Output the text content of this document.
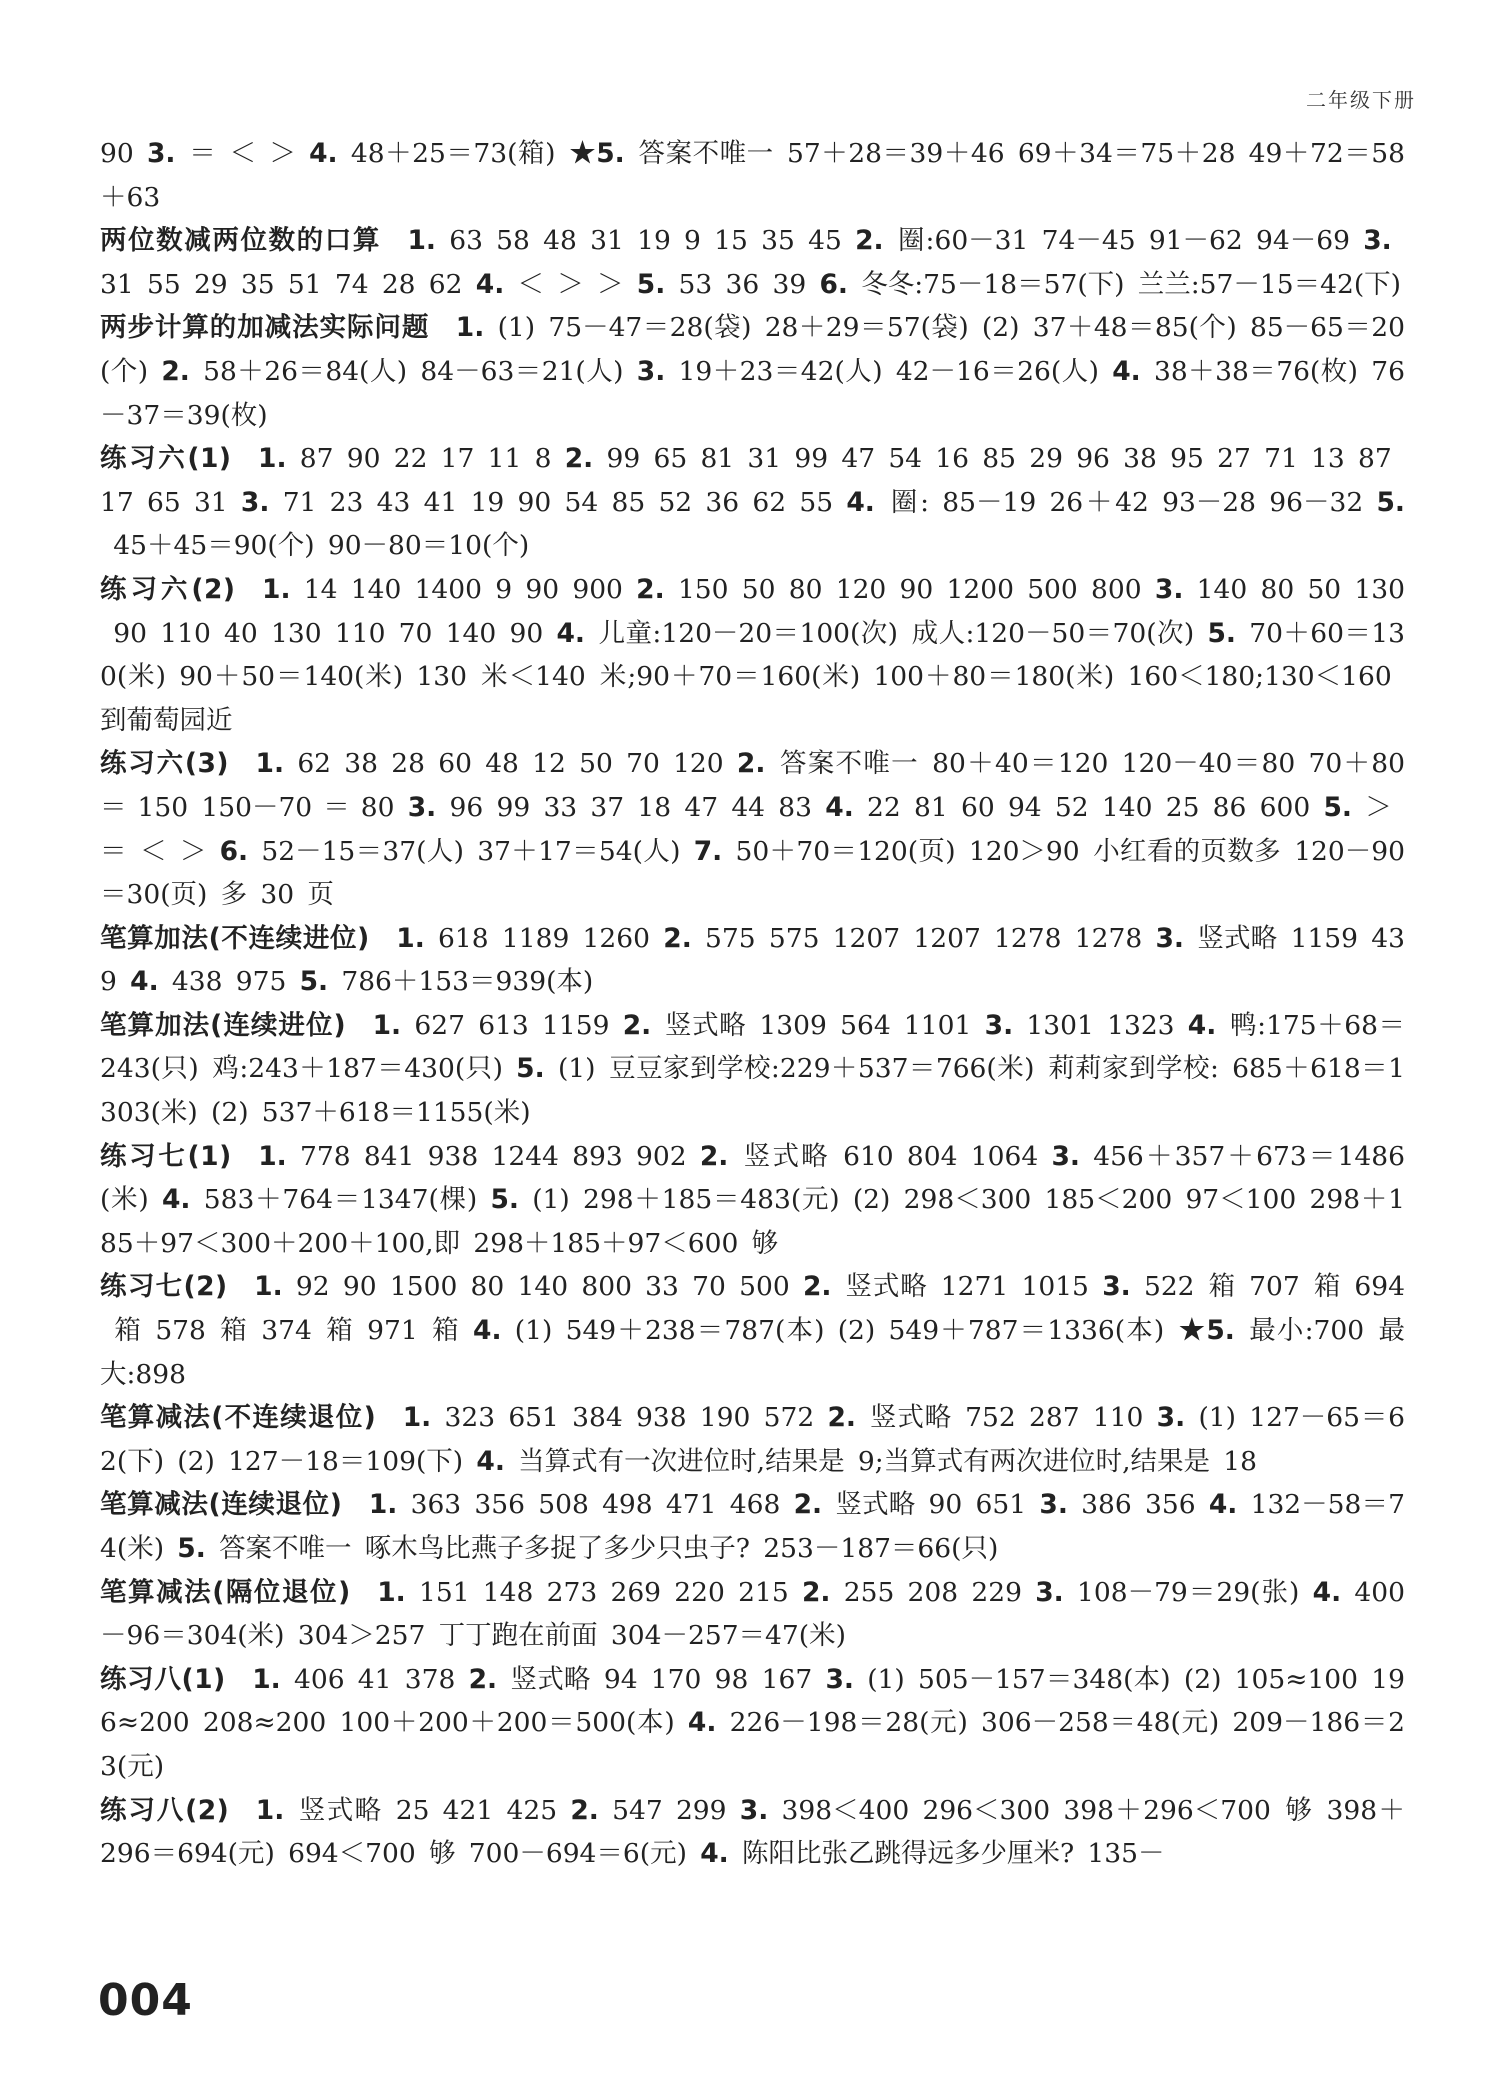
二年级下册

90 3. ＝ ＜ ＞ 4. 48＋25＝73(箱) ★5. 答案不唯一 57＋28＝39＋46 69＋34＝75＋28 49＋72＝58＋63

两位数减两位数的口算  1. 63 58 48 31 19 9 15 35 45 2. 圈:60－31 74－45 91－62 94－69 3. 31 55 29 35 51 74 28 62 4. ＜ ＞ ＞ 5. 53 36 39 6. 冬冬:75－18＝57(下) 兰兰:57－15＝42(下)

两步计算的加减法实际问题  1. (1) 75－47＝28(袋) 28＋29＝57(袋) (2) 37＋48＝85(个) 85－65＝20(个) 2. 58＋26＝84(人) 84－63＝21(人) 3. 19＋23＝42(人) 42－16＝26(人) 4. 38＋38＝76(枚) 76－37＝39(枚)

练习六(1)  1. 87 90 22 17 11 8 2. 99 65 81 31 99 47 54 16 85 29 96 38 95 27 71 13 87 17 65 31 3. 71 23 43 41 19 90 54 85 52 36 62 55 4. 圈: 85－19 26＋42 93－28 96－32 5. 45＋45＝90(个) 90－80＝10(个)

练习六(2)  1. 14 140 1400 9 90 900 2. 150 50 80 120 90 1200 500 800 3. 140 80 50 130 90 110 40 130 110 70 140 90 4. 儿童:120－20＝100(次) 成人:120－50＝70(次) 5. 70＋60＝130(米) 90＋50＝140(米) 130 米＜140 米;90＋70＝160(米) 100＋80＝180(米) 160＜180;130＜160 到葡萄园近

练习六(3)  1. 62 38 28 60 48 12 50 70 120 2. 答案不唯一 80＋40＝120 120－40＝80 70＋80＝150 150－70＝80 3. 96 99 33 37 18 47 44 83 4. 22 81 60 94 52 140 25 86 600 5. ＞ ＝ ＜ ＞ 6. 52－15＝37(人) 37＋17＝54(人) 7. 50＋70＝120(页) 120＞90 小红看的页数多 120－90＝30(页) 多 30 页

笔算加法(不连续进位)  1. 618 1189 1260 2. 575 575 1207 1207 1278 1278 3. 竖式略 1159 439 4. 438 975 5. 786＋153＝939(本)

笔算加法(连续进位)  1. 627 613 1159 2. 竖式略 1309 564 1101 3. 1301 1323 4. 鸭:175＋68＝243(只) 鸡:243＋187＝430(只) 5. (1) 豆豆家到学校:229＋537＝766(米) 莉莉家到学校: 685＋618＝1303(米) (2) 537＋618＝1155(米)

练习七(1)  1. 778 841 938 1244 893 902 2. 竖式略 610 804 1064 3. 456＋357＋673＝1486(米) 4. 583＋764＝1347(棵) 5. (1) 298＋185＝483(元) (2) 298＜300 185＜200 97＜100 298＋185＋97＜300＋200＋100,即 298＋185＋97＜600 够

练习七(2)  1. 92 90 1500 80 140 800 33 70 500 2. 竖式略 1271 1015 3. 522 箱 707 箱 694 箱 578 箱 374 箱 971 箱 4. (1) 549＋238＝787(本) (2) 549＋787＝1336(本) ★5. 最小:700 最大:898

笔算减法(不连续退位)  1. 323 651 384 938 190 572 2. 竖式略 752 287 110 3. (1) 127－65＝62(下) (2) 127－18＝109(下) 4. 当算式有一次进位时,结果是 9;当算式有两次进位时,结果是 18

笔算减法(连续退位)  1. 363 356 508 498 471 468 2. 竖式略 90 651 3. 386 356 4. 132－58＝74(米) 5. 答案不唯一 啄木鸟比燕子多捉了多少只虫子? 253－187＝66(只)

笔算减法(隔位退位)  1. 151 148 273 269 220 215 2. 255 208 229 3. 108－79＝29(张) 4. 400－96＝304(米) 304＞257 丁丁跑在前面 304－257＝47(米)

练习八(1)  1. 406 41 378 2. 竖式略 94 170 98 167 3. (1) 505－157＝348(本) (2) 105≈100 196≈200 208≈200 100＋200＋200＝500(本) 4. 226－198＝28(元) 306－258＝48(元) 209－186＝23(元)

练习八(2)  1. 竖式略 25 421 425 2. 547 299 3. 398＜400 296＜300 398＋296＜700 够 398＋296＝694(元) 694＜700 够 700－694＝6(元) 4. 陈阳比张乙跳得远多少厘米? 135－

004
